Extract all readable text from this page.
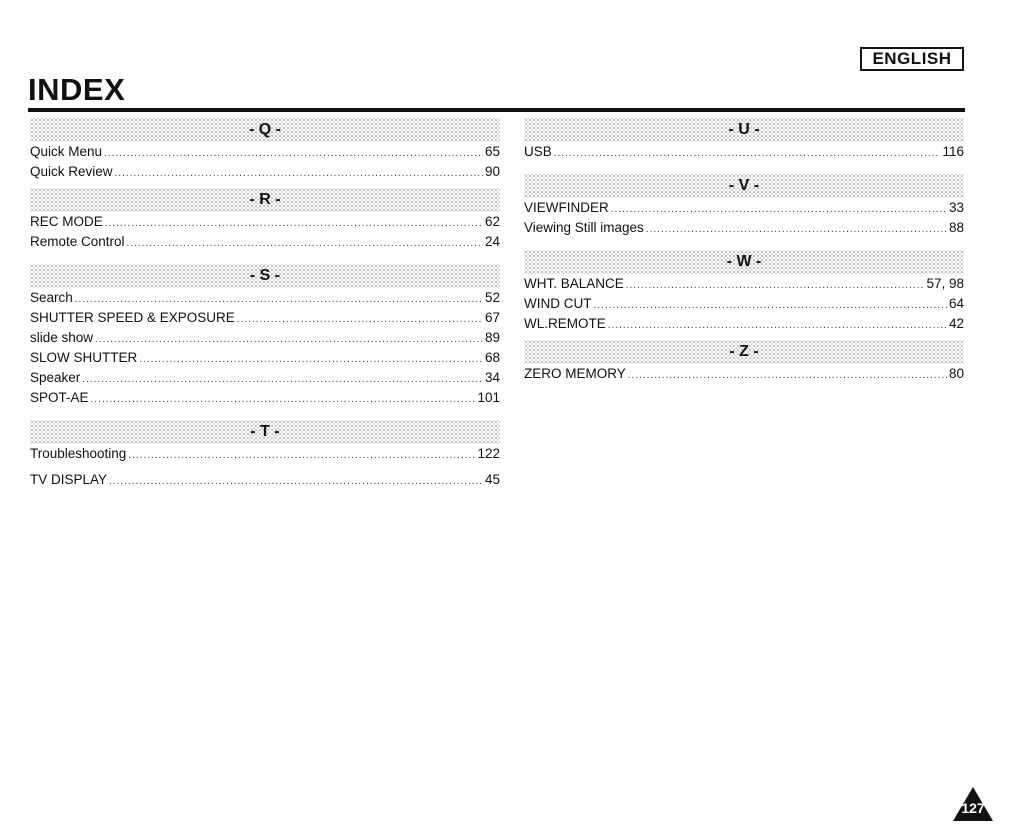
ENGLISH
INDEX
- Q -
Quick Menu .....	65
Quick Review .....	90
- R -
REC MODE .....	62
Remote Control .....	24
- S -
Search .....	52
SHUTTER SPEED & EXPOSURE .....	67
slide show .....	89
SLOW SHUTTER .....	68
Speaker .....	34
SPOT-AE .....	101
- T -
Troubleshooting .....	122
TV DISPLAY .....	45
- U -
USB .....	116
- V -
VIEWFINDER .....	33
Viewing Still images .....	88
- W -
WHT. BALANCE .....	57, 98
WIND CUT .....	64
WL.REMOTE .....	42
- Z -
ZERO MEMORY .....	80
127
